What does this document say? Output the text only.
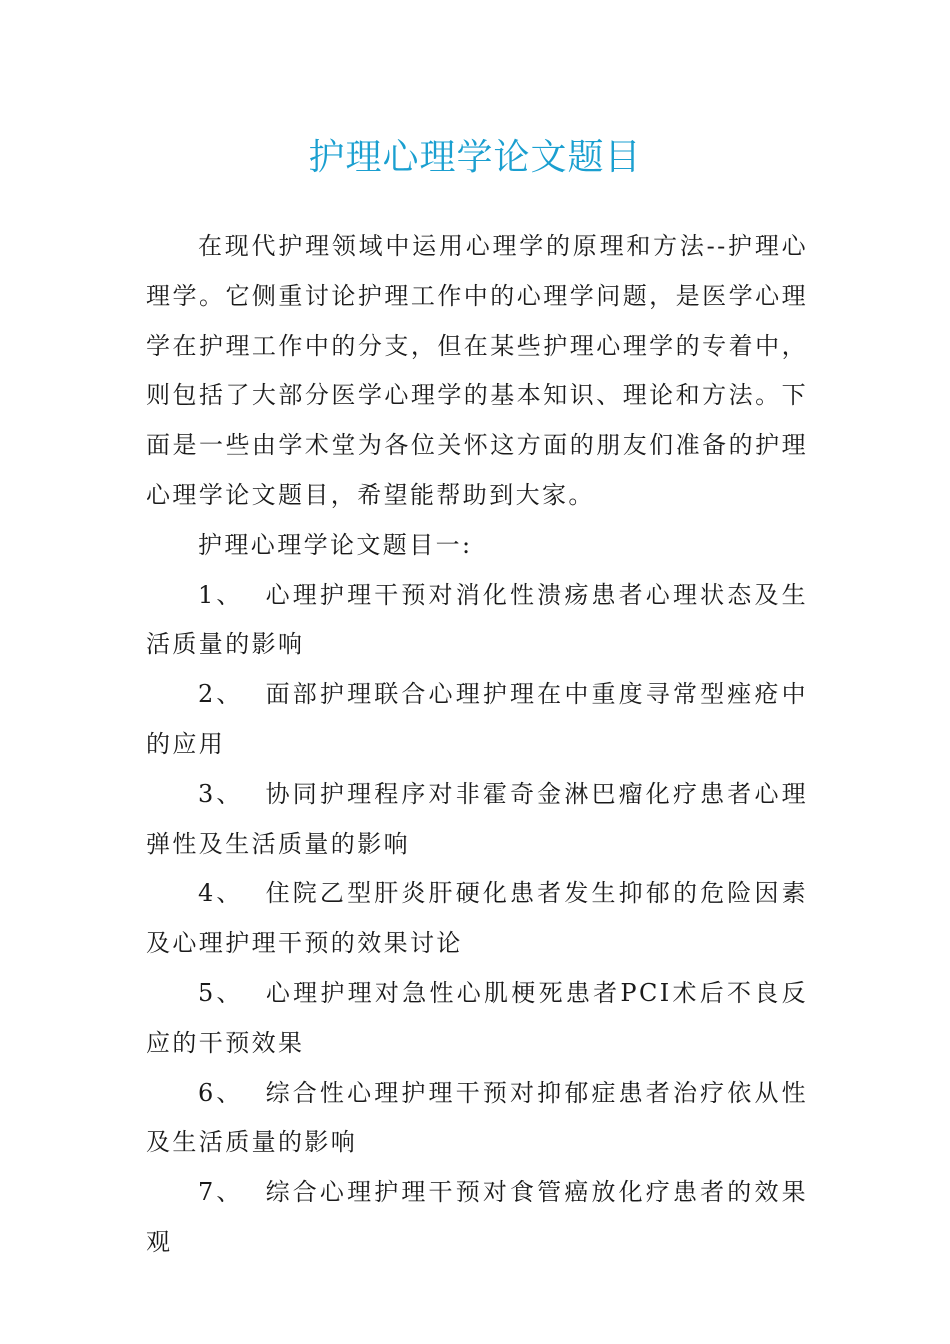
护理心理学论文题目

在现代护理领域中运用心理学的原理和方法--护理心理学。它侧重讨论护理工作中的心理学问题，是医学心理学在护理工作中的分支，但在某些护理心理学的专着中，则包括了大部分医学心理学的基本知识、理论和方法。下面是一些由学术堂为各位关怀这方面的朋友们准备的护理心理学论文题目，希望能帮助到大家。

护理心理学论文题目一:

1、 心理护理干预对消化性溃疡患者心理状态及生活质量的影响

2、 面部护理联合心理护理在中重度寻常型痤疮中的应用

3、 协同护理程序对非霍奇金淋巴瘤化疗患者心理弹性及生活质量的影响

4、 住院乙型肝炎肝硬化患者发生抑郁的危险因素及心理护理干预的效果讨论

5、 心理护理对急性心肌梗死患者PCI术后不良反应的干预效果

6、 综合性心理护理干预对抑郁症患者治疗依从性及生活质量的影响

7、 综合心理护理干预对食管癌放化疗患者的效果观
